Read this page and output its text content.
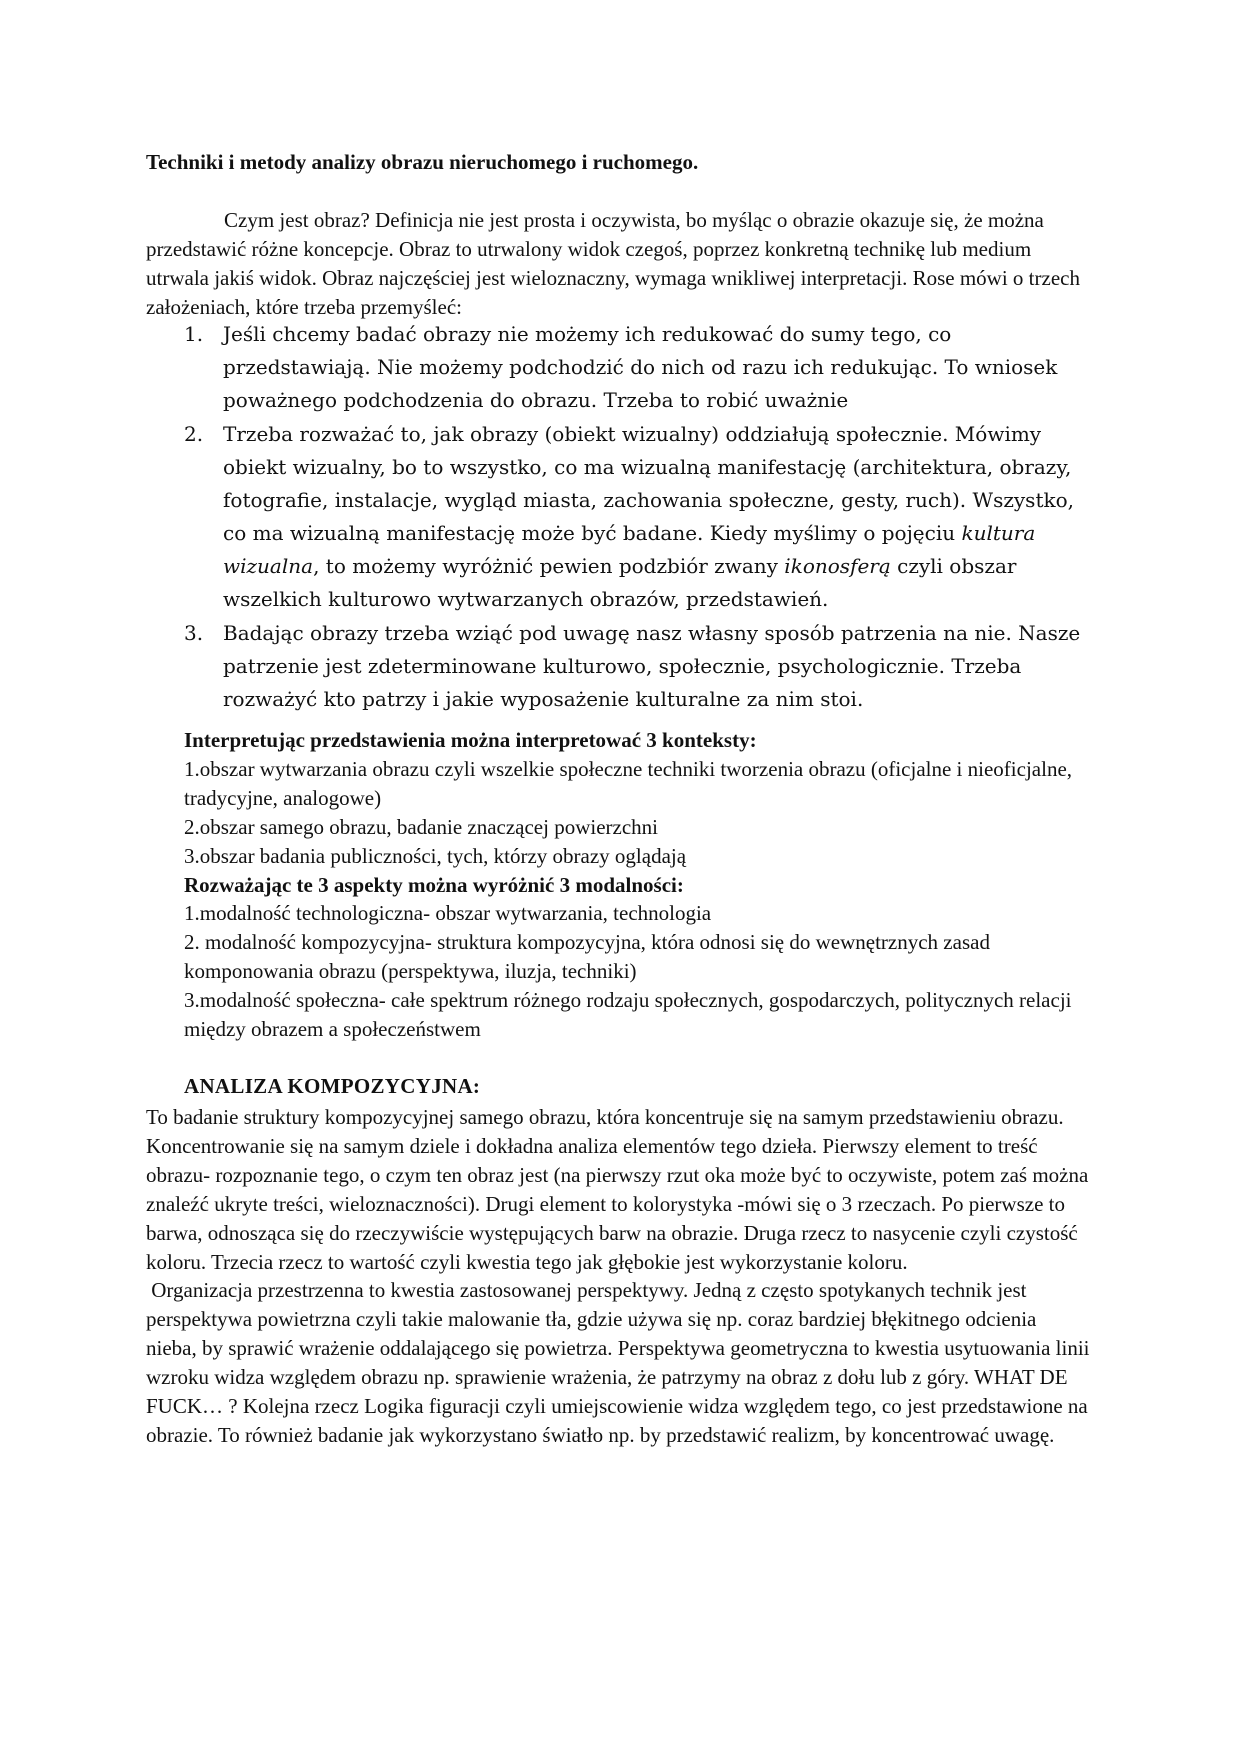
Techniki i metody analizy obrazu nieruchomego i ruchomego.
Czym jest obraz? Definicja nie jest prosta i oczywista, bo myśląc o obrazie okazuje się, że można przedstawić różne koncepcje. Obraz to utrwalony widok czegoś, poprzez konkretną technikę lub medium utrwala jakiś widok. Obraz najczęściej jest wieloznaczny, wymaga wnikliwej interpretacji. Rose mówi o trzech założeniach, które trzeba przemyśleć:
1. Jeśli chcemy badać obrazy nie możemy ich redukować do sumy tego, co przedstawiają. Nie możemy podchodzić do nich od razu ich redukując. To wniosek poważnego podchodzenia do obrazu. Trzeba to robić uważnie
2. Trzeba rozważać to, jak obrazy (obiekt wizualny) oddziałują społecznie. Mówimy obiekt wizualny, bo to wszystko, co ma wizualną manifestację (architektura, obrazy, fotografie, instalacje, wygląd miasta, zachowania społeczne, gesty, ruch). Wszystko, co ma wizualną manifestację może być badane. Kiedy myślimy o pojęciu kultura wizualna, to możemy wyróżnić pewien podzbiór zwany ikonosferą czyli obszar wszelkich kulturowo wytwarzanych obrazów, przedstawień.
3. Badając obrazy trzeba wziąć pod uwagę nasz własny sposób patrzenia na nie. Nasze patrzenie jest zdeterminowane kulturowo, społecznie, psychologicznie. Trzeba rozważyć kto patrzy i jakie wyposażenie kulturalne za nim stoi.
Interpretując przedstawienia można interpretować 3 konteksty:
1.obszar wytwarzania obrazu czyli wszelkie społeczne techniki tworzenia obrazu (oficjalne i nieoficjalne, tradycyjne, analogowe)
2.obszar samego obrazu, badanie znaczącej powierzchni
3.obszar badania publiczności, tych, którzy obrazy oglądają
Rozważając te 3 aspekty można wyróżnić 3 modalności:
1.modalność technologiczna- obszar wytwarzania, technologia
2. modalność kompozycyjna- struktura kompozycyjna, która odnosi się do wewnętrznych zasad komponowania obrazu (perspektywa, iluzja, techniki)
3.modalność społeczna- całe spektrum różnego rodzaju społecznych, gospodarczych, politycznych relacji między obrazem a społeczeństwem
ANALIZA KOMPOZYCYJNA:
To badanie struktury kompozycyjnej samego obrazu, która koncentruje się na samym przedstawieniu obrazu. Koncentrowanie się na samym dziele i dokładna analiza elementów tego dzieła. Pierwszy element to treść obrazu- rozpoznanie tego, o czym ten obraz jest (na pierwszy rzut oka może być to oczywiste, potem zaś można znaleźć ukryte treści, wieloznaczności). Drugi element to kolorystyka -mówi się o 3 rzeczach. Po pierwsze to barwa, odnosząca się do rzeczywiście występujących barw na obrazie. Druga rzecz to nasycenie czyli czystość koloru. Trzecia rzecz to wartość czyli kwestia tego jak głębokie jest wykorzystanie koloru.
Organizacja przestrzenna to kwestia zastosowanej perspektywy. Jedną z często spotykanych technik jest perspektywa powietrzna czyli takie malowanie tła, gdzie używa się np. coraz bardziej błękitnego odcienia nieba, by sprawić wrażenie oddalającego się powietrza. Perspektywa geometryczna to kwestia usytuowania linii wzroku widza względem obrazu np. sprawienie wrażenia, że patrzymy na obraz z dołu lub z góry. WHAT DE FUCK… ? Kolejna rzecz Logika figuracji czyli umiejscowienie widza względem tego, co jest przedstawione na obrazie. To również badanie jak wykorzystano światło np. by przedstawić realizm, by koncentrować uwagę.
